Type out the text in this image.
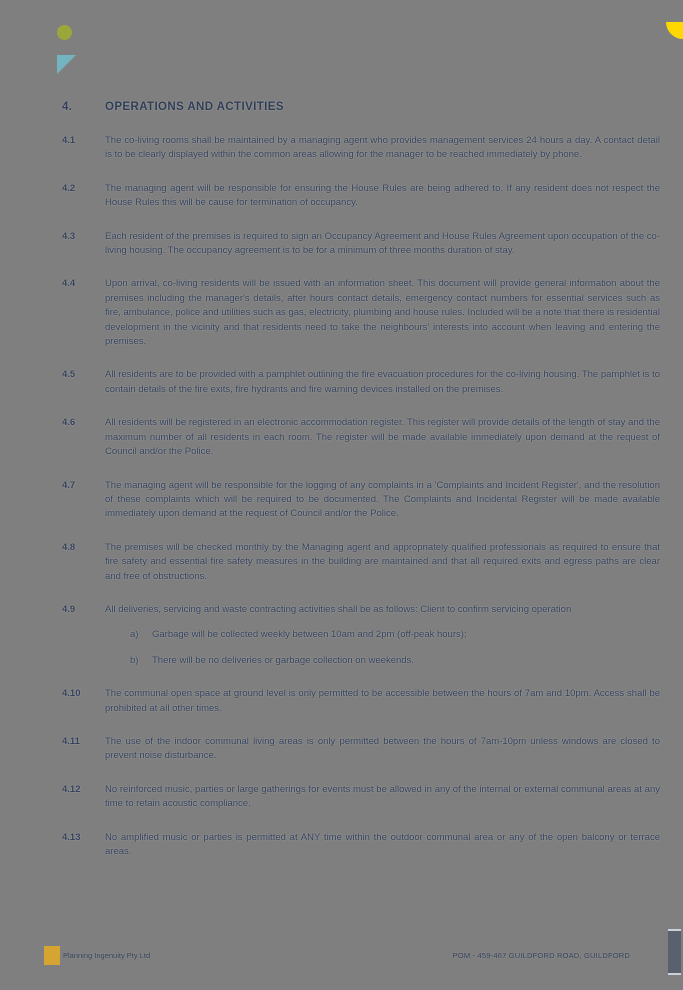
4.	OPERATIONS AND ACTIVITIES
4.1	The co-living rooms shall be maintained by a managing agent who provides management services 24 hours a day. A contact detail is to be clearly displayed within the common areas allowing for the manager to be reached immediately by phone.
4.2	The managing agent will be responsible for ensuring the House Rules are being adhered to. If any resident does not respect the House Rules this will be cause for termination of occupancy.
4.3	Each resident of the premises is required to sign an Occupancy Agreement and House Rules Agreement upon occupation of the co-living housing. The occupancy agreement is to be for a minimum of three months duration of stay.
4.4	Upon arrival, co-living residents will be issued with an information sheet. This document will provide general information about the premises including the manager's details, after hours contact details, emergency contact numbers for essential services such as fire, ambulance, police and utilities such as gas, electricity, plumbing and house rules. Included will be a note that there is residential development in the vicinity and that residents need to take the neighbours' interests into account when leaving and entering the premises.
4.5	All residents are to be provided with a pamphlet outlining the fire evacuation procedures for the co-living housing. The pamphlet is to contain details of the fire exits, fire hydrants and fire warning devices installed on the premises.
4.6	All residents will be registered in an electronic accommodation register. This register will provide details of the length of stay and the maximum number of all residents in each room. The register will be made available immediately upon demand at the request of Council and/or the Police.
4.7	The managing agent will be responsible for the logging of any complaints in a 'Complaints and Incident Register', and the resolution of these complaints which will be required to be documented. The Complaints and Incidental Register will be made available immediately upon demand at the request of Council and/or the Police.
4.8	The premises will be checked monthly by the Managing agent and appropriately qualified professionals as required to ensure that fire safety and essential fire safety measures in the building are maintained and that all required exits and egress paths are clear and free of obstructions.
4.9	All deliveries, servicing and waste contracting activities shall be as follows: Client to confirm servicing operation
a)	Garbage will be collected weekly between 10am and 2pm (off-peak hours);
b)	There will be no deliveries or garbage collection on weekends.
4.10	The communal open space at ground level is only permitted to be accessible between the hours of 7am and 10pm. Access shall be prohibited at all other times.
4.11	The use of the indoor communal living areas is only permitted between the hours of 7am-10pm unless windows are closed to prevent noise disturbance.
4.12	No reinforced music, parties or large gatherings for events must be allowed in any of the internal or external communal areas at any time to retain acoustic compliance.
4.13	No amplified music or parties is permitted at ANY time within the outdoor communal area or any of the open balcony or terrace areas.
Planning Ingenuity Pty Ltd	POM - 459-467 GUILDFORD ROAD, GUILDFORD
